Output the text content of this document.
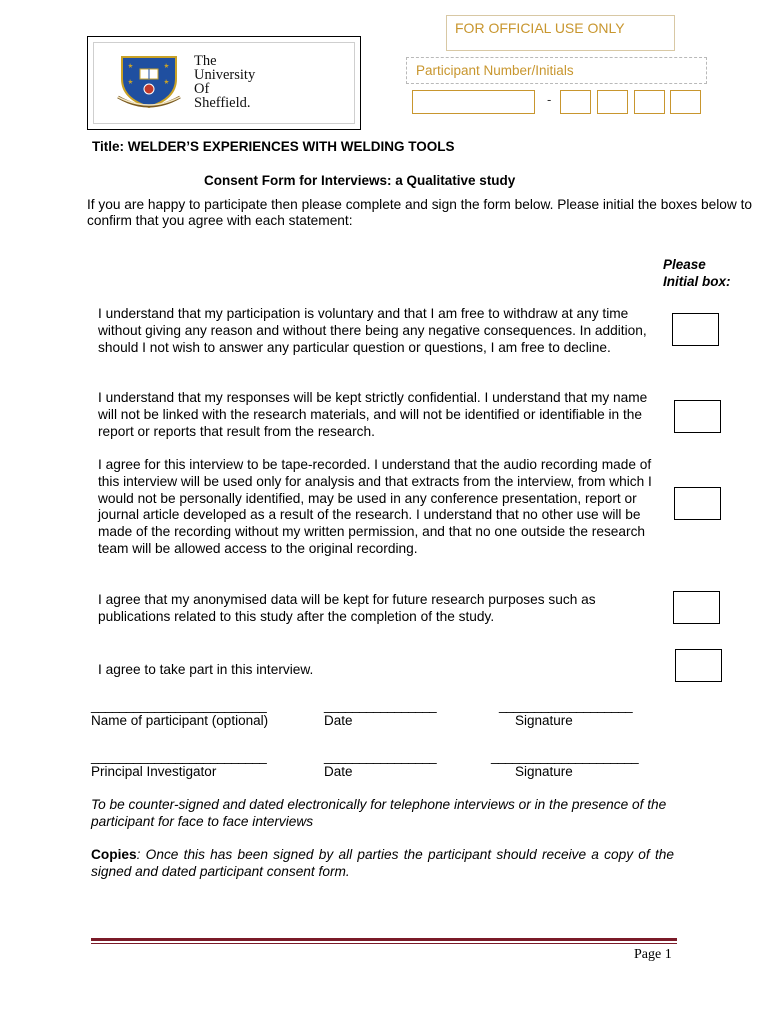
The
University
Of
Sheffield.
FOR OFFICIAL USE ONLY
Participant Number/Initials
-
Title: WELDER’S EXPERIENCES WITH WELDING TOOLS
Consent Form for Interviews: a Qualitative study
If you are happy to participate then please complete and sign the form below. Please initial the boxes below to confirm that you agree with each statement:
Please
Initial box:
I understand that my participation is voluntary and that I am free to withdraw at any time without giving any reason and without there being any negative consequences. In addition, should I not wish to answer any particular question or questions, I am free to decline.
I understand that my responses will be kept strictly confidential. I understand that my name will not be linked with the research materials, and will not be identified or identifiable in the report or reports that result from the research.
I agree for this interview to be tape-recorded. I understand that the audio recording made of this interview will be used only for analysis and that extracts from the interview, from which I would not be personally identified, may be used in any conference presentation, report or journal article developed as a result of the research. I understand that no other use will be made of the recording without my written permission, and that no one outside the research team will be allowed access to the original recording.
I agree that my anonymised data will be kept for future research purposes such as publications related to this study after the completion of the study.
I agree to take part in this interview.
_________________________	________________	___________________
Name of participant (optional)	Date	Signature
_________________________	________________	_____________________
Principal Investigator	Date	Signature
To be counter-signed and dated electronically for telephone interviews or in the presence of the participant for face to face interviews
Copies: Once this has been signed by all parties the participant should receive a copy of the signed and dated participant consent form.
Page 1
